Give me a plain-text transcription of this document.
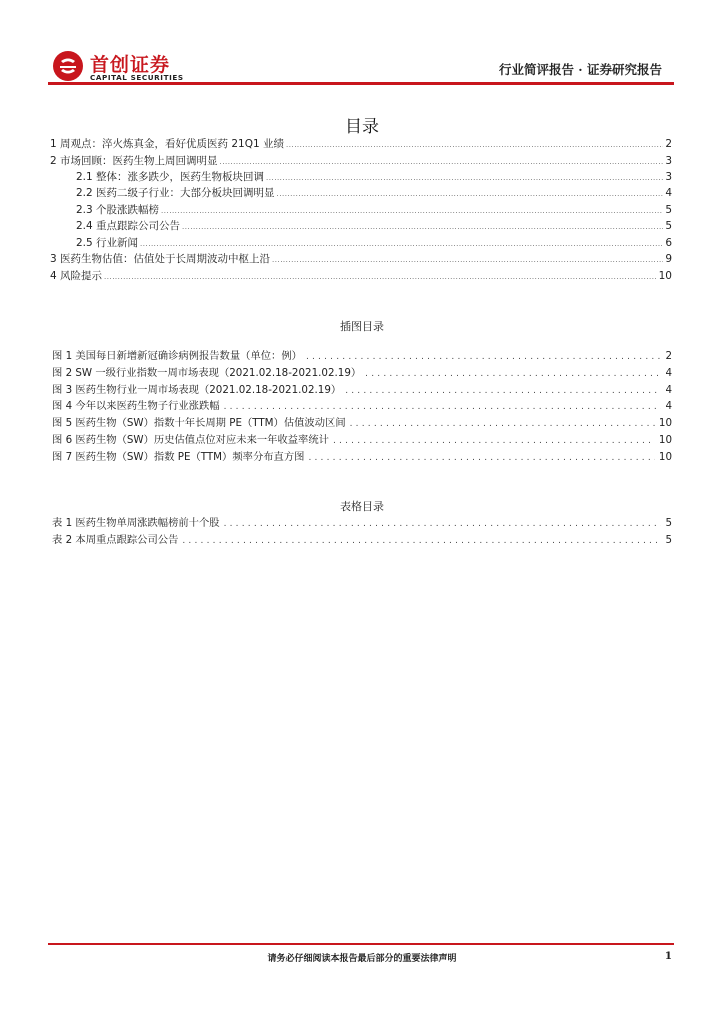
首创证券
CAPITAL SECURITIES
行业简评报告 · 证券研究报告
目录
1 周观点：淬火炼真金，看好优质医药 21Q1 业绩 .....	2
2 市场回顾：医药生物上周回调明显 .....	3
2.1 整体：涨多跌少，医药生物板块回调 .....	3
2.2 医药二级子行业：大部分板块回调明显 .....	4
2.3 个股涨跌幅榜 .....	5
2.4 重点跟踪公司公告 .....	5
2.5 行业新闻 .....	6
3 医药生物估值：估值处于长周期波动中枢上沿 .....	9
4 风险提示 .....	10
插图目录
图 1 美国每日新增新冠确诊病例报告数量（单位：例） .....	2
图 2 SW 一级行业指数一周市场表现（2021.02.18-2021.02.19） .....	4
图 3 医药生物行业一周市场表现（2021.02.18-2021.02.19） .....	4
图 4 今年以来医药生物子行业涨跌幅 .....	4
图 5 医药生物（SW）指数十年长周期 PE（TTM）估值波动区间 .....	10
图 6 医药生物（SW）历史估值点位对应未来一年收益率统计 .....	10
图 7 医药生物（SW）指数 PE（TTM）频率分布直方图 .....	10
表格目录
表 1 医药生物单周涨跌幅榜前十个股 .....	5
表 2 本周重点跟踪公司公告 .....	5
请务必仔细阅读本报告最后部分的重要法律声明	1
